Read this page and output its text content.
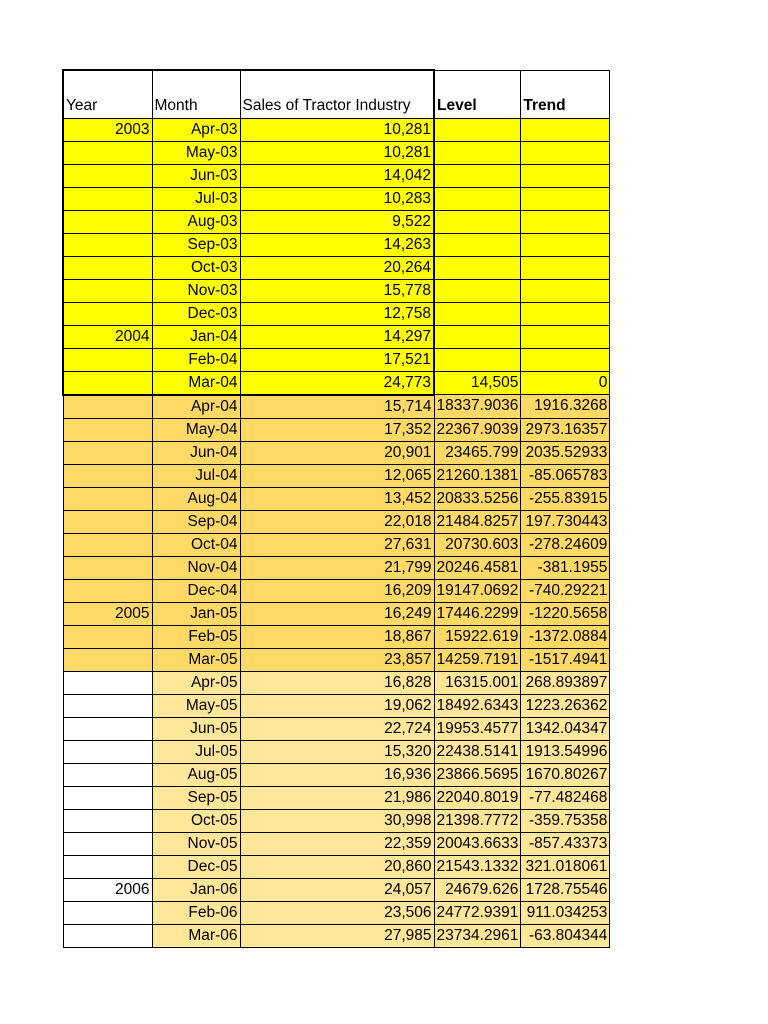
Year	Month	Sales of Tractor Industry	Level	Trend
2003	Apr-03	10,281		
	May-03	10,281		
	Jun-03	14,042		
	Jul-03	10,283		
	Aug-03	9,522		
	Sep-03	14,263		
	Oct-03	20,264		
	Nov-03	15,778		
	Dec-03	12,758		
2004	Jan-04	14,297		
	Feb-04	17,521		
	Mar-04	24,773	14,505	0
	Apr-04	15,714	18337.9036	1916.3268
	May-04	17,352	22367.9039	2973.16357
	Jun-04	20,901	23465.799	2035.52933
	Jul-04	12,065	21260.1381	-85.065783
	Aug-04	13,452	20833.5256	-255.83915
	Sep-04	22,018	21484.8257	197.730443
	Oct-04	27,631	20730.603	-278.24609
	Nov-04	21,799	20246.4581	-381.1955
	Dec-04	16,209	19147.0692	-740.29221
2005	Jan-05	16,249	17446.2299	-1220.5658
	Feb-05	18,867	15922.619	-1372.0884
	Mar-05	23,857	14259.7191	-1517.4941
	Apr-05	16,828	16315.001	268.893897
	May-05	19,062	18492.6343	1223.26362
	Jun-05	22,724	19953.4577	1342.04347
	Jul-05	15,320	22438.5141	1913.54996
	Aug-05	16,936	23866.5695	1670.80267
	Sep-05	21,986	22040.8019	-77.482468
	Oct-05	30,998	21398.7772	-359.75358
	Nov-05	22,359	20043.6633	-857.43373
	Dec-05	20,860	21543.1332	321.018061
2006	Jan-06	24,057	24679.626	1728.75546
	Feb-06	23,506	24772.9391	911.034253
	Mar-06	27,985	23734.2961	-63.804344
